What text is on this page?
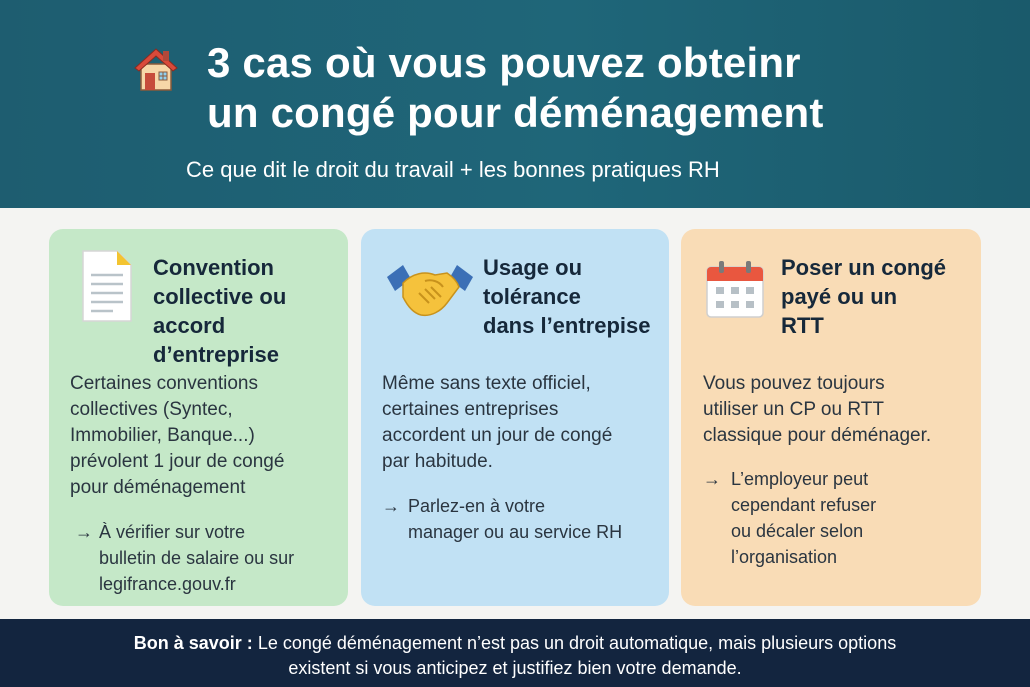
3 cas où vous pouvez obteinr
un congé pour déménagement
Ce que dit le droit du travail + les bonnes pratiques RH
Convention
collective ou
accord
d’entreprise
Certaines conventions
collectives (Syntec,
Immobilier, Banque...)
prévolent 1 jour de congé
pour déménagement
→ À vérifier sur votre
bulletin de salaire ou sur
legifrance.gouv.fr
Usage ou
tolérance
dans l’entrepise
Même sans texte officiel,
certaines entreprises
accordent un jour de congé
par habitude.
→ Parlez-en à votre
manager ou au service RH
Poser un congé
payé ou un
RTT
Vous pouvez toujours
utiliser un CP ou RTT
classique pour déménager.
→ L’employeur peut
cependant refuser
ou décaler selon
l’organisation
Bon à savoir : Le congé déménagement n’est pas un droit automatique, mais plusieurs options
existent si vous anticipez et justifiez bien votre demande.
